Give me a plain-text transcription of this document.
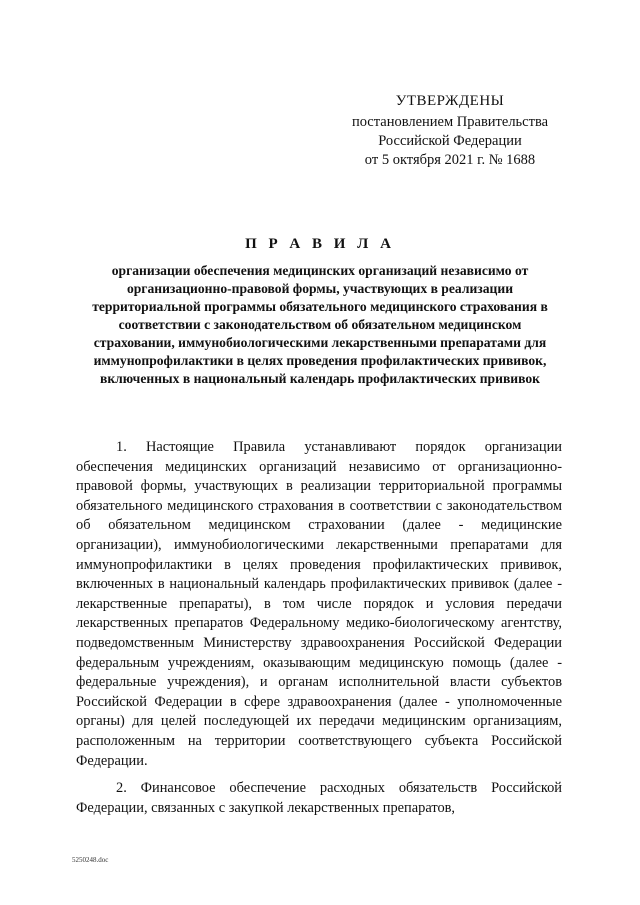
УТВЕРЖДЕНЫ
постановлением Правительства
Российской Федерации
от 5 октября 2021 г. № 1688
П Р А В И Л А
организации обеспечения медицинских организаций независимо от организационно-правовой формы, участвующих в реализации территориальной программы обязательного медицинского страхования в соответствии с законодательством об обязательном медицинском страховании, иммунобиологическими лекарственными препаратами для иммунопрофилактики в целях проведения профилактических прививок, включенных в национальный календарь профилактических прививок

1. Настоящие Правила устанавливают порядок организации обеспечения медицинских организаций независимо от организационно-правовой формы, участвующих в реализации территориальной программы обязательного медицинского страхования в соответствии с законодательством об обязательном медицинском страховании (далее - медицинские организации), иммунобиологическими лекарственными препаратами для иммунопрофилактики в целях проведения профилактических прививок, включенных в национальный календарь профилактических прививок (далее - лекарственные препараты), в том числе порядок и условия передачи лекарственных препаратов Федеральному медико-биологическому агентству, подведомственным Министерству здравоохранения Российской Федерации федеральным учреждениям, оказывающим медицинскую помощь (далее - федеральные учреждения), и органам исполнительной власти субъектов Российской Федерации в сфере здравоохранения (далее - уполномоченные органы) для целей последующей их передачи медицинским организациям, расположенным на территории соответствующего субъекта Российской Федерации.

2. Финансовое обеспечение расходных обязательств Российской Федерации, связанных с закупкой лекарственных препаратов,

5250248.doc
